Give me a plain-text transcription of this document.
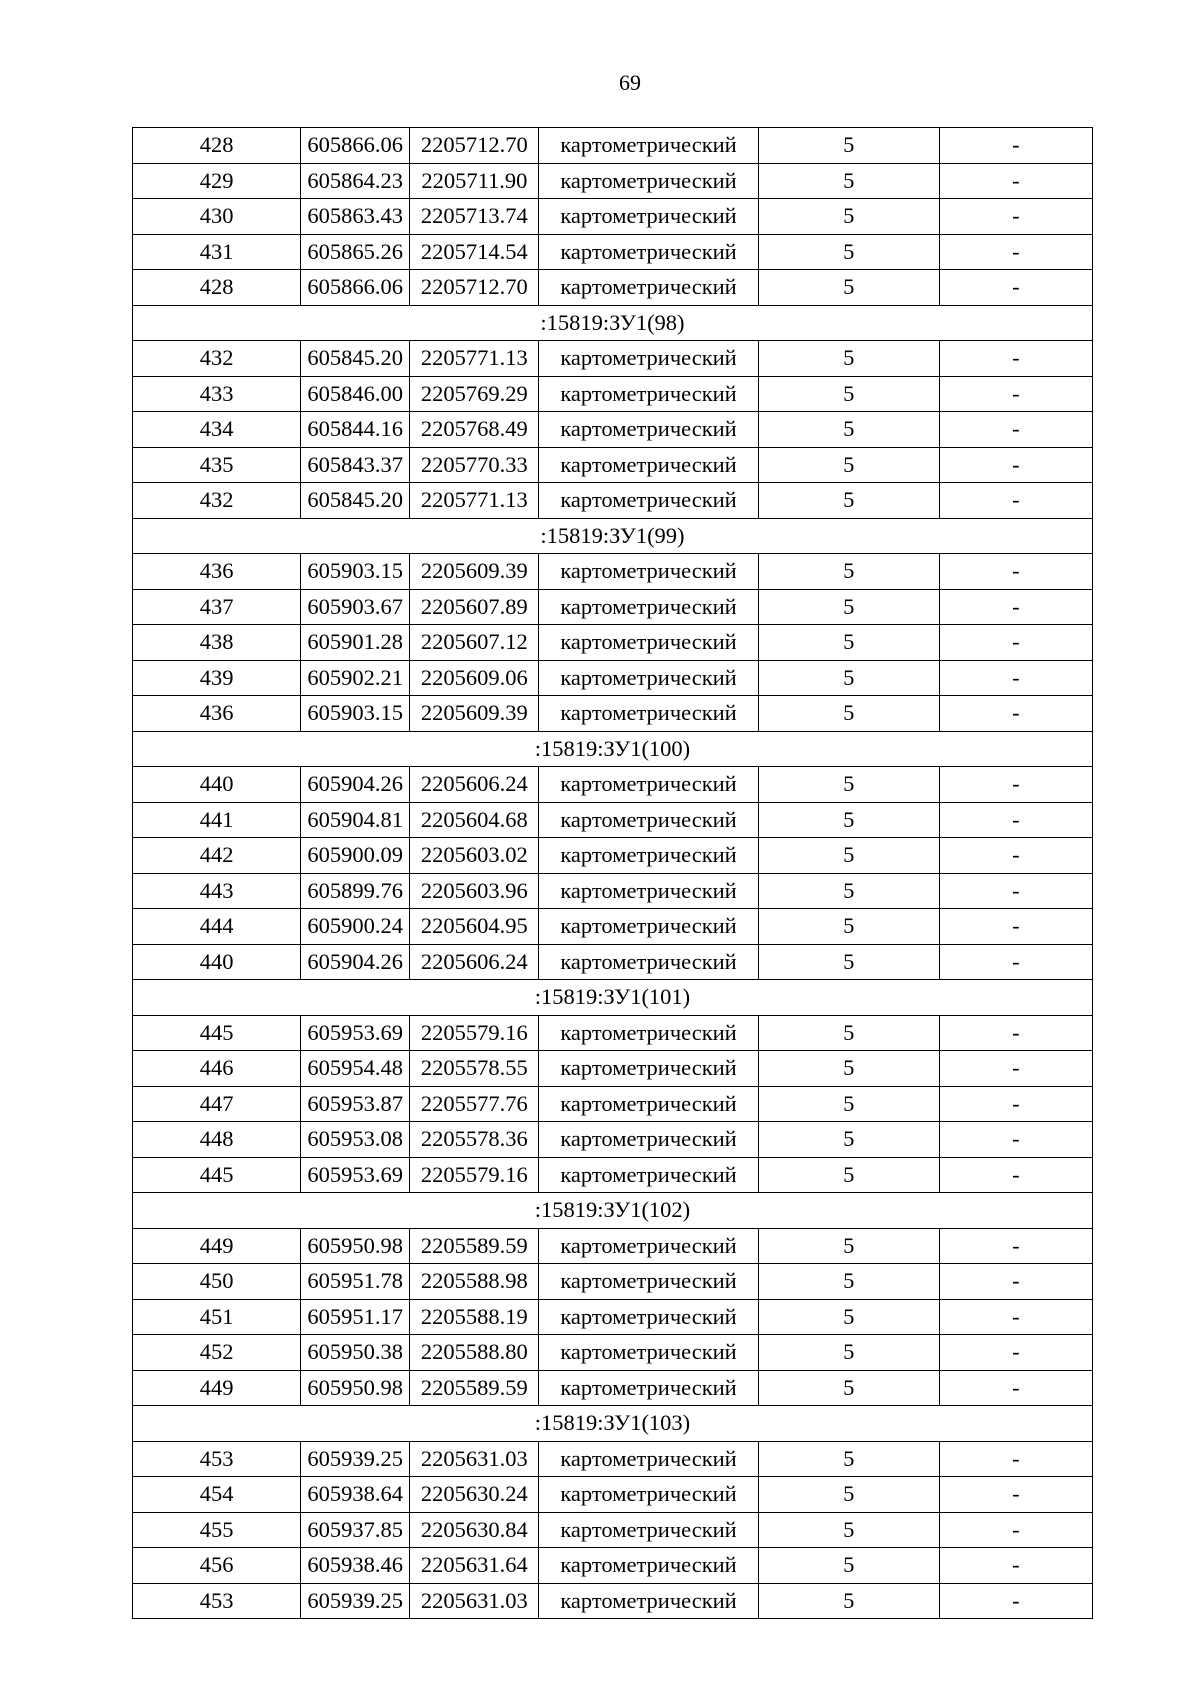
69
428	605866.06	2205712.70	картометрический	5	-
429	605864.23	2205711.90	картометрический	5	-
430	605863.43	2205713.74	картометрический	5	-
431	605865.26	2205714.54	картометрический	5	-
428	605866.06	2205712.70	картометрический	5	-
:15819:ЗУ1(98)					
432	605845.20	2205771.13	картометрический	5	-
433	605846.00	2205769.29	картометрический	5	-
434	605844.16	2205768.49	картометрический	5	-
435	605843.37	2205770.33	картометрический	5	-
432	605845.20	2205771.13	картометрический	5	-
:15819:ЗУ1(99)					
436	605903.15	2205609.39	картометрический	5	-
437	605903.67	2205607.89	картометрический	5	-
438	605901.28	2205607.12	картометрический	5	-
439	605902.21	2205609.06	картометрический	5	-
436	605903.15	2205609.39	картометрический	5	-
:15819:ЗУ1(100)					
440	605904.26	2205606.24	картометрический	5	-
441	605904.81	2205604.68	картометрический	5	-
442	605900.09	2205603.02	картометрический	5	-
443	605899.76	2205603.96	картометрический	5	-
444	605900.24	2205604.95	картометрический	5	-
440	605904.26	2205606.24	картометрический	5	-
:15819:ЗУ1(101)					
445	605953.69	2205579.16	картометрический	5	-
446	605954.48	2205578.55	картометрический	5	-
447	605953.87	2205577.76	картометрический	5	-
448	605953.08	2205578.36	картометрический	5	-
445	605953.69	2205579.16	картометрический	5	-
:15819:ЗУ1(102)					
449	605950.98	2205589.59	картометрический	5	-
450	605951.78	2205588.98	картометрический	5	-
451	605951.17	2205588.19	картометрический	5	-
452	605950.38	2205588.80	картометрический	5	-
449	605950.98	2205589.59	картометрический	5	-
:15819:ЗУ1(103)					
453	605939.25	2205631.03	картометрический	5	-
454	605938.64	2205630.24	картометрический	5	-
455	605937.85	2205630.84	картометрический	5	-
456	605938.46	2205631.64	картометрический	5	-
453	605939.25	2205631.03	картометрический	5	-
